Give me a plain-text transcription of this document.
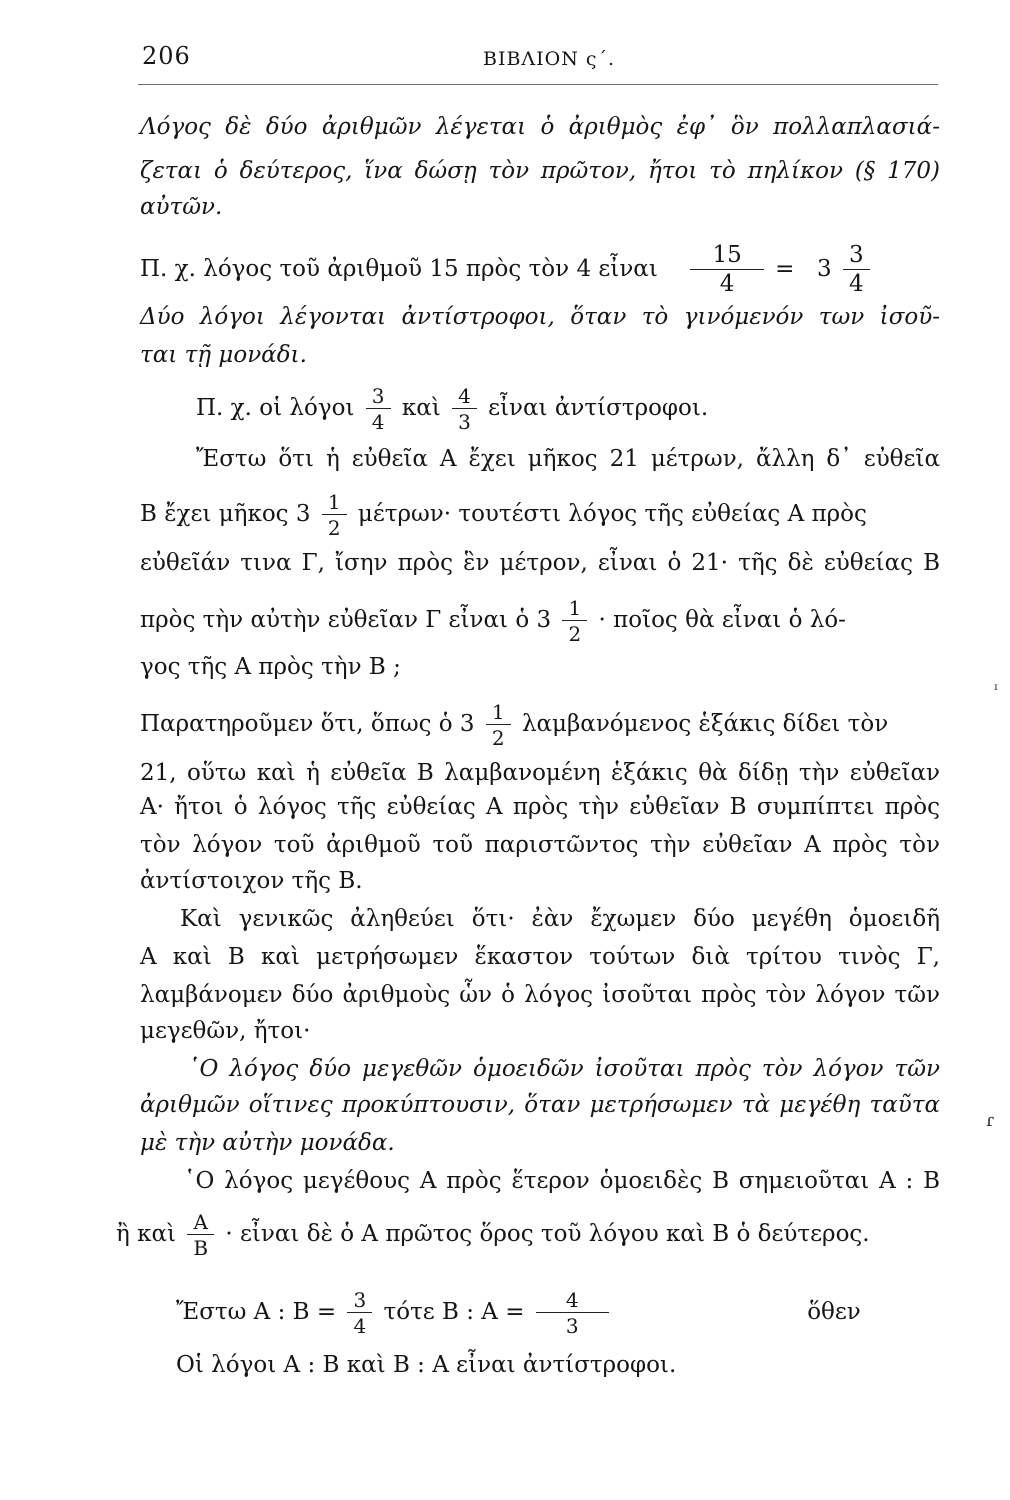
206	ΒΙΒΛΙΟΝ ς΄.
Λόγος δὲ δύο ἀριθμῶν λέγεται ὁ ἀριθμὸς ἐφ᾽ ὃν πολλαπλασιά-
ζεται ὁ δεύτερος, ἵνα δώσῃ τὸν πρῶτον, ἤτοι τὸ πηλίκον (§ 170)
αὐτῶν.
Π. χ. λόγος τοῦ ἀριθμοῦ 15 πρὸς τὸν 4 εἶναι $\frac{15}{4} = 3 \frac{3}{4}$
Δύο λόγοι λέγονται ἀντίστροφοι, ὅταν τὸ γινόμενόν των ἰσοῦ-
ται τῇ μονάδι.
Π. χ. οἱ λόγοι $\frac{3}{4}$ καὶ $\frac{4}{3}$ εἶναι ἀντίστροφοι.
Ἔστω ὅτι ἡ εὐθεῖα Α ἔχει μῆκος 21 μέτρων, ἄλλη δ᾽ εὐθεῖα
Β ἔχει μῆκος $3 \frac{1}{2} \mu έ\tau\rho\omega\nu\cdot \tau o\upsilon\tau έ\sigma\tau\iota$ λόγος τῆς εὐθείας Α πρὸς
εὐθεῖάν τινα Γ, ἴσην πρὸς ἓν μέτρον, εἶναι ὁ 21· τῆς δὲ εὐθείας Β
πρὸς τὴν αὐτὴν εὐθεῖαν Γ εἶναι ὁ $3 \frac{1}{2}$ · ποῖος θὰ εἶναι ὁ λό-
γος τῆς Α πρὸς τὴν Β ;
Παρατηροῦμεν ὅτι, ὅπως ὁ $3 \frac{1}{2}$ λαμβανόμενος ἑξάκις δίδει τὸν
21, οὕτω καὶ ἡ εὐθεῖα Β λαμβανομένη ἑξάκις θὰ δίδῃ τὴν εὐθεῖαν
Α· ἤτοι ὁ λόγος τῆς εὐθείας Α πρὸς τὴν εὐθεῖαν Β συμπίπτει πρὸς
τὸν λόγον τοῦ ἀριθμοῦ τοῦ παριστῶντος τὴν εὐθεῖαν Α πρὸς τὸν
ἀντίστοιχον τῆς Β.
Καὶ γενικῶς ἀληθεύει ὅτι· ἐὰν ἔχωμεν δύο μεγέθη ὁμοειδῆ
Α καὶ Β καὶ μετρήσωμεν ἕκαστον τούτων διὰ τρίτου τινὸς Γ,
λαμβάνομεν δύο ἀριθμοὺς ὧν ὁ λόγος ἰσοῦται πρὸς τὸν λόγον τῶν
μεγεθῶν, ἤτοι·
῾Ο λόγος δύο μεγεθῶν ὁμοειδῶν ἰσοῦται πρὸς τὸν λόγον τῶν
ἀριθμῶν οἵτινες προκύπτουσιν, ὅταν μετρήσωμεν τὰ μεγέθη ταῦτα
μὲ τὴν αὐτὴν μονάδα.
῾Ο λόγος μεγέθους Α πρὸς ἕτερον ὁμοειδὲς Β σημειοῦται Α : Β
ἢ καὶ $\frac{A}{B}$ · εἶναι δὲ ὁ Α πρῶτος ὅρος τοῦ λόγου καὶ Β ὁ δεύτερος.
Ἔστω Α : $B = \frac{3}{4}$ τότε Β : $A = \frac{4}{3}$	ὅθεν
Οἱ λόγοι Α : Β καὶ Β : Α εἶναι ἀντίστροφοι.
ᶦ
ɾ
